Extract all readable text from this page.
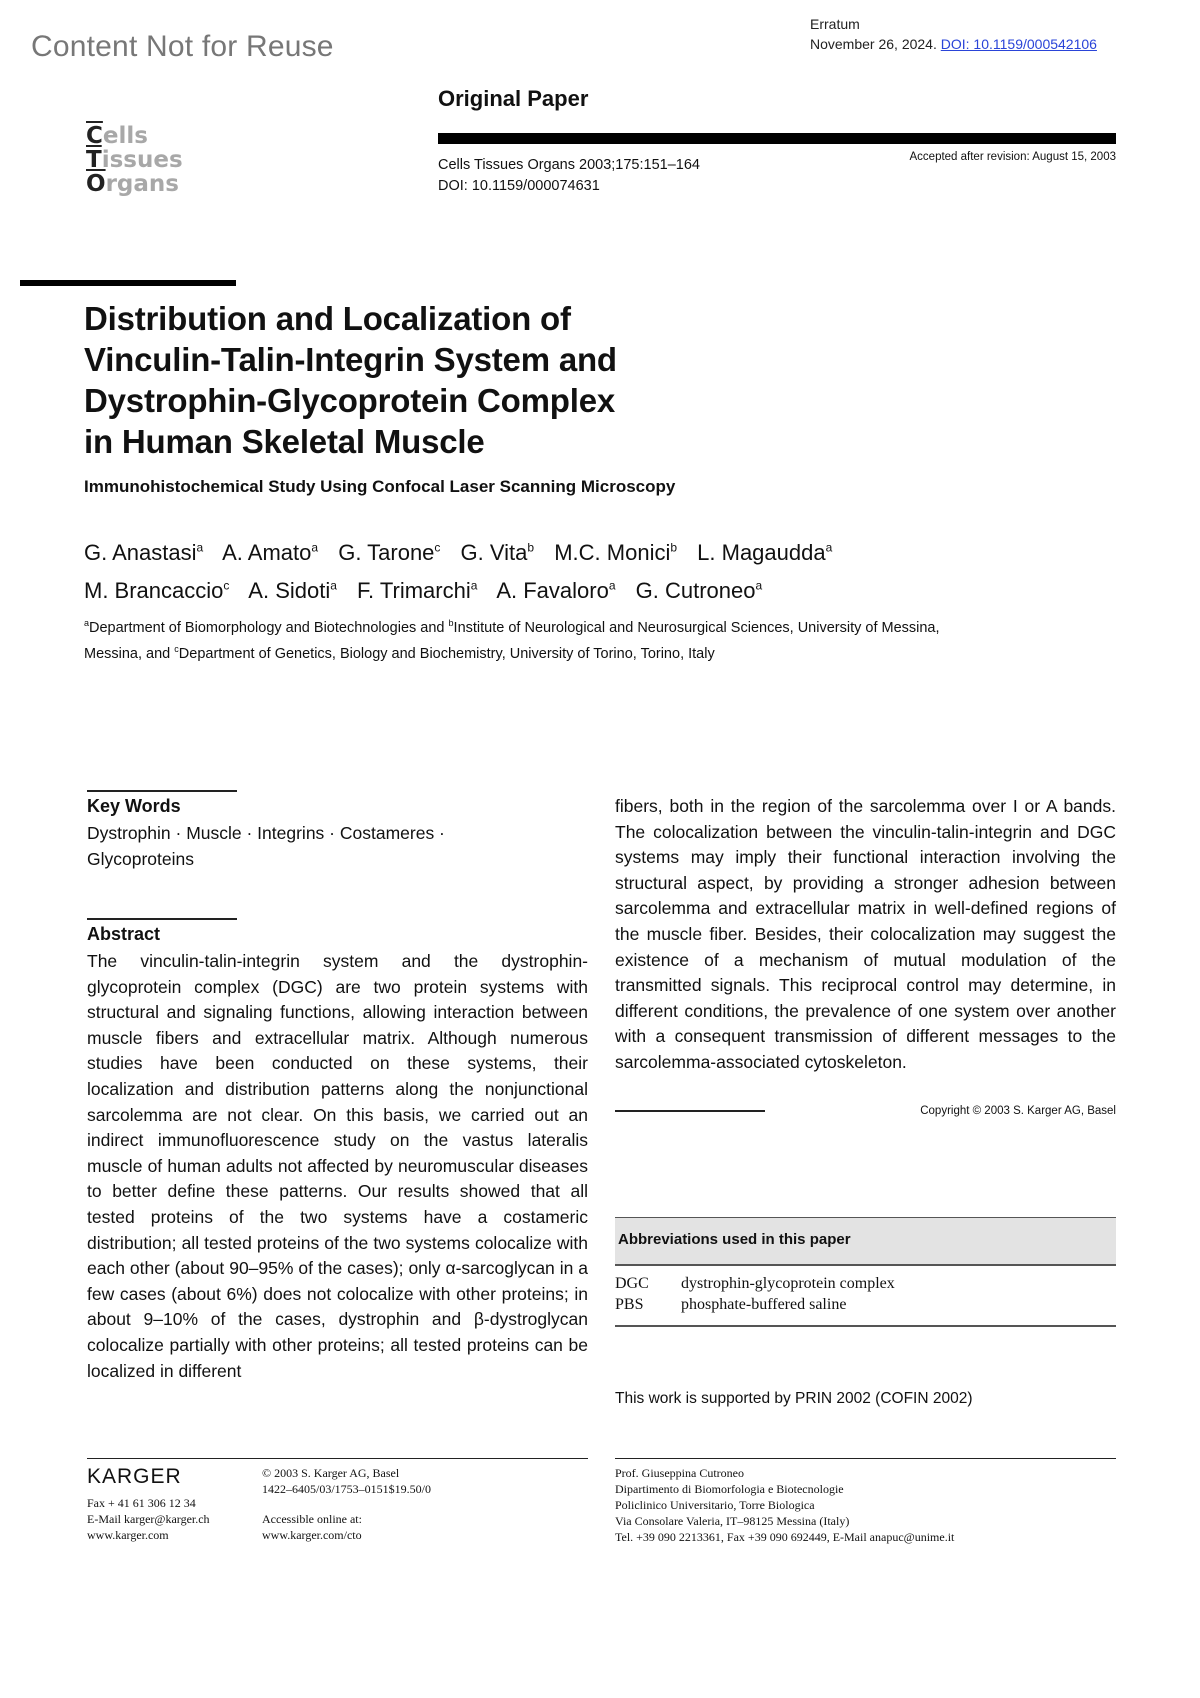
Content Not for Reuse
Erratum
November 26, 2024. DOI: 10.1159/000542106
$\overline{C}ells$
$\overline{T}issues$
$\overline{O}rgans$
Original Paper
Cells Tissues Organs 2003;175:151–164
DOI: 10.1159/000074631
Accepted after revision: August 15, 2003
Distribution and Localization of
Vinculin-Talin-Integrin System and
Dystrophin-Glycoprotein Complex
in Human Skeletal Muscle
Immunohistochemical Study Using Confocal Laser Scanning Microscopy
G. Anastasi$^a$ A. Amato$^a$ G. Tarone$^c$ G. Vita$^b$ M.C. Monici$^b$ L. Magaudda$^a$
M. Brancaccio$^c$ A. Sidoti$^a$ F. Trimarchi$^a$ A. Favaloro$^a$ G. Cutroneo$^a$
$^a$Department of Biomorphology and Biotechnologies and $^b$Institute of Neurological and Neurosurgical Sciences, University of Messina, Messina, and $^c$Department of Genetics, Biology and Biochemistry, University of Torino, Torino, Italy
Key Words
Dystrophin · Muscle · Integrins · Costameres · Glycoproteins
Abstract
The vinculin-talin-integrin system and the dystrophin-glycoprotein complex (DGC) are two protein systems with structural and signaling functions, allowing interaction between muscle fibers and extracellular matrix. Although numerous studies have been conducted on these systems, their localization and distribution patterns along the nonjunctional sarcolemma are not clear. On this basis, we carried out an indirect immunofluorescence study on the vastus lateralis muscle of human adults not affected by neuromuscular diseases to better define these patterns. Our results showed that all tested proteins of the two systems have a costameric distribution; all tested proteins of the two systems colocalize with each other (about 90–95% of the cases); only α-sarcoglycan in a few cases (about 6%) does not colocalize with other proteins; in about 9–10% of the cases, dystrophin and β-dystroglycan colocalize partially with other proteins; all tested proteins can be localized in different
fibers, both in the region of the sarcolemma over I or A bands. The colocalization between the vinculin-talin-integrin and DGC systems may imply their functional interaction involving the structural aspect, by providing a stronger adhesion between sarcolemma and extracellular matrix in well-defined regions of the muscle fiber. Besides, their colocalization may suggest the existence of a mechanism of mutual modulation of the transmitted signals. This reciprocal control may determine, in different conditions, the prevalence of one system over another with a consequent transmission of different messages to the sarcolemma-associated cytoskeleton.
Copyright © 2003 S. Karger AG, Basel
Abbreviations used in this paper
DGC dystrophin-glycoprotein complex
PBS phosphate-buffered saline
This work is supported by PRIN 2002 (COFIN 2002)
KARGER
Fax + 41 61 306 12 34
E-Mail karger@karger.ch
www.karger.com
© 2003 S. Karger AG, Basel
1422–6405/03/1753–0151$19.50/0
Accessible online at:
www.karger.com/cto
Prof. Giuseppina Cutroneo
Dipartimento di Biomorfologia e Biotecnologie
Policlinico Universitario, Torre Biologica
Via Consolare Valeria, IT–98125 Messina (Italy)
Tel. +39 090 2213361, Fax +39 090 692449, E-Mail anapuc@unime.it
